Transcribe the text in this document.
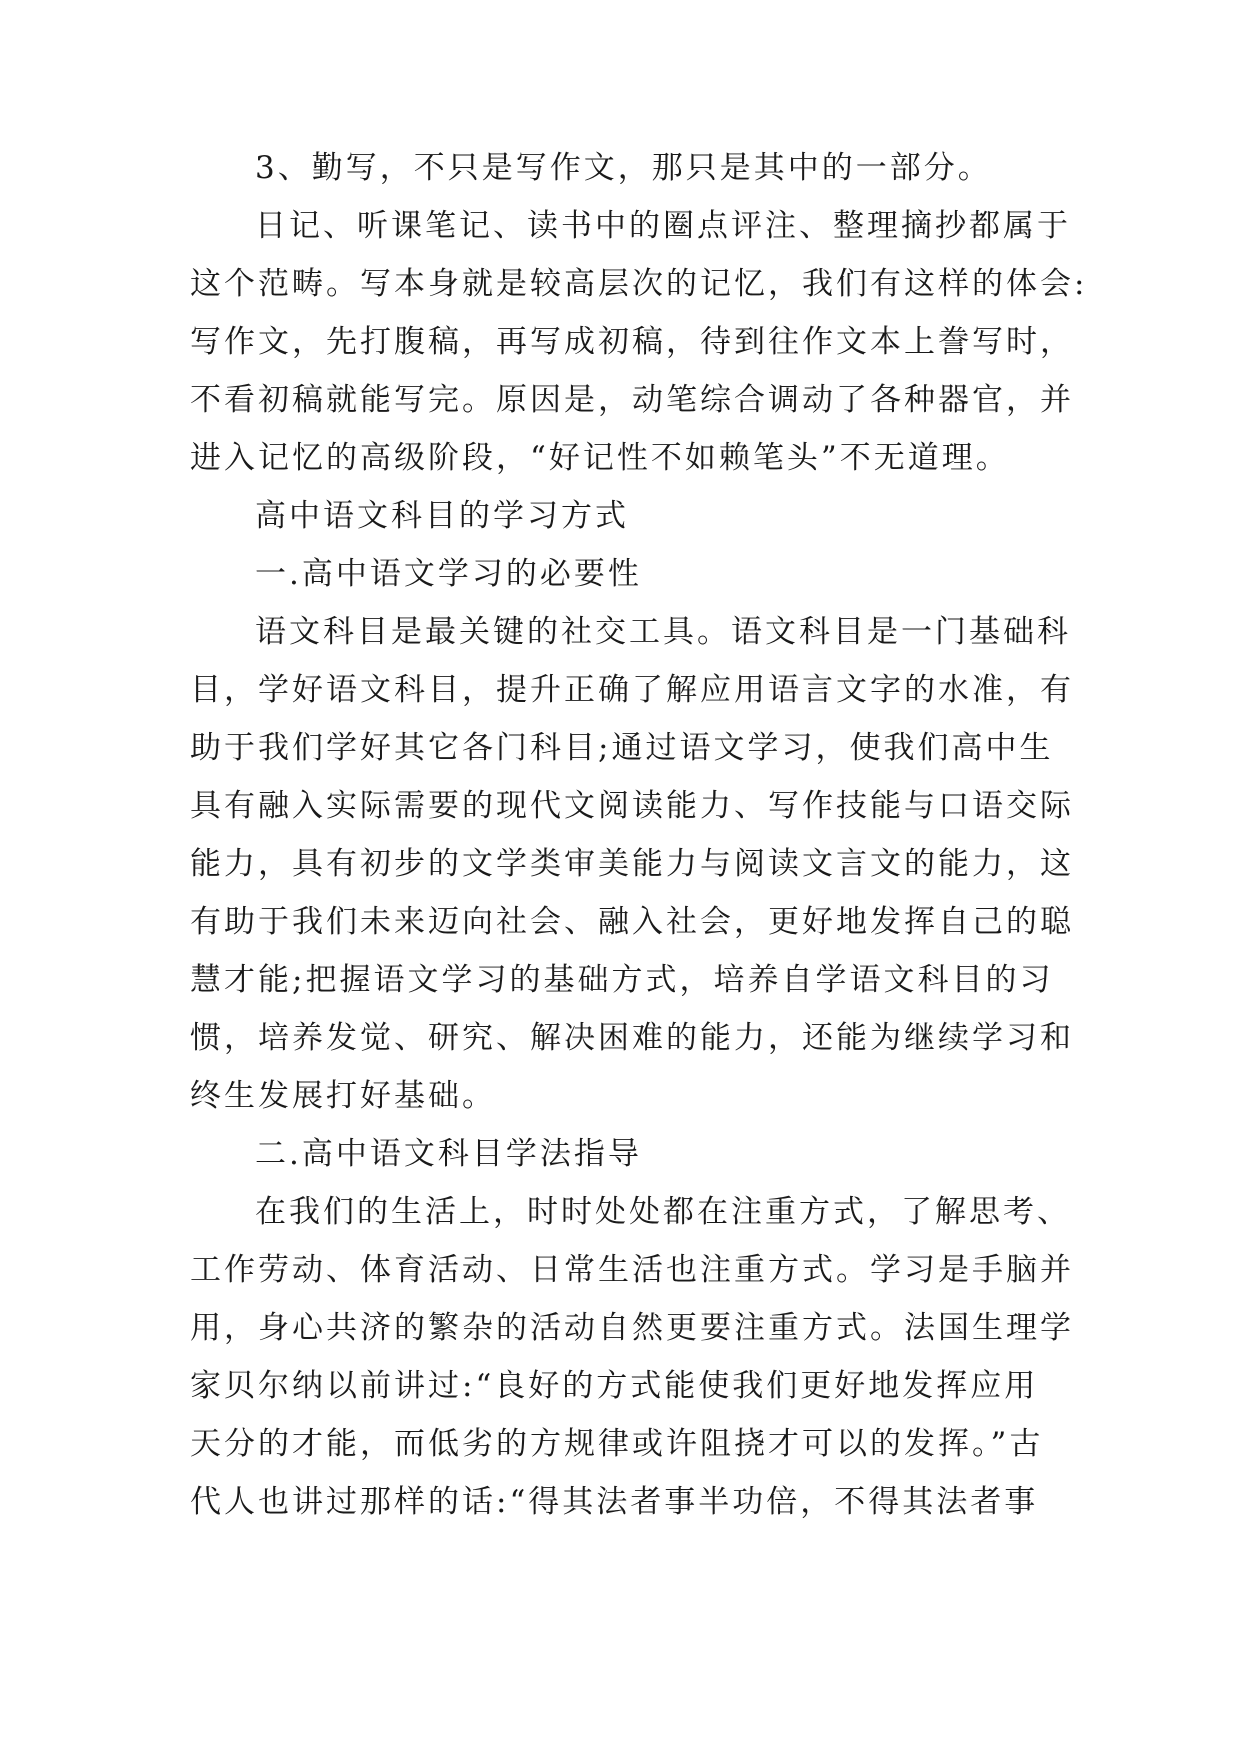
3、勤写，不只是写作文，那只是其中的一部分。
日记、听课笔记、读书中的圈点评注、整理摘抄都属于
这个范畴。写本身就是较高层次的记忆，我们有这样的体会:
写作文，先打腹稿，再写成初稿，待到往作文本上誊写时，
不看初稿就能写完。原因是，动笔综合调动了各种器官，并
进入记忆的高级阶段，“好记性不如赖笔头”不无道理。
高中语文科目的学习方式
一.高中语文学习的必要性
语文科目是最关键的社交工具。语文科目是一门基础科
目，学好语文科目，提升正确了解应用语言文字的水准，有
助于我们学好其它各门科目;通过语文学习，使我们高中生
具有融入实际需要的现代文阅读能力、写作技能与口语交际
能力，具有初步的文学类审美能力与阅读文言文的能力，这
有助于我们未来迈向社会、融入社会，更好地发挥自己的聪
慧才能;把握语文学习的基础方式，培养自学语文科目的习
惯，培养发觉、研究、解决困难的能力，还能为继续学习和
终生发展打好基础。
二.高中语文科目学法指导
在我们的生活上，时时处处都在注重方式，了解思考、
工作劳动、体育活动、日常生活也注重方式。学习是手脑并
用，身心共济的繁杂的活动自然更要注重方式。法国生理学
家贝尔纳以前讲过:“良好的方式能使我们更好地发挥应用
天分的才能，而低劣的方规律或许阻挠才可以的发挥。”古
代人也讲过那样的话:“得其法者事半功倍，不得其法者事
